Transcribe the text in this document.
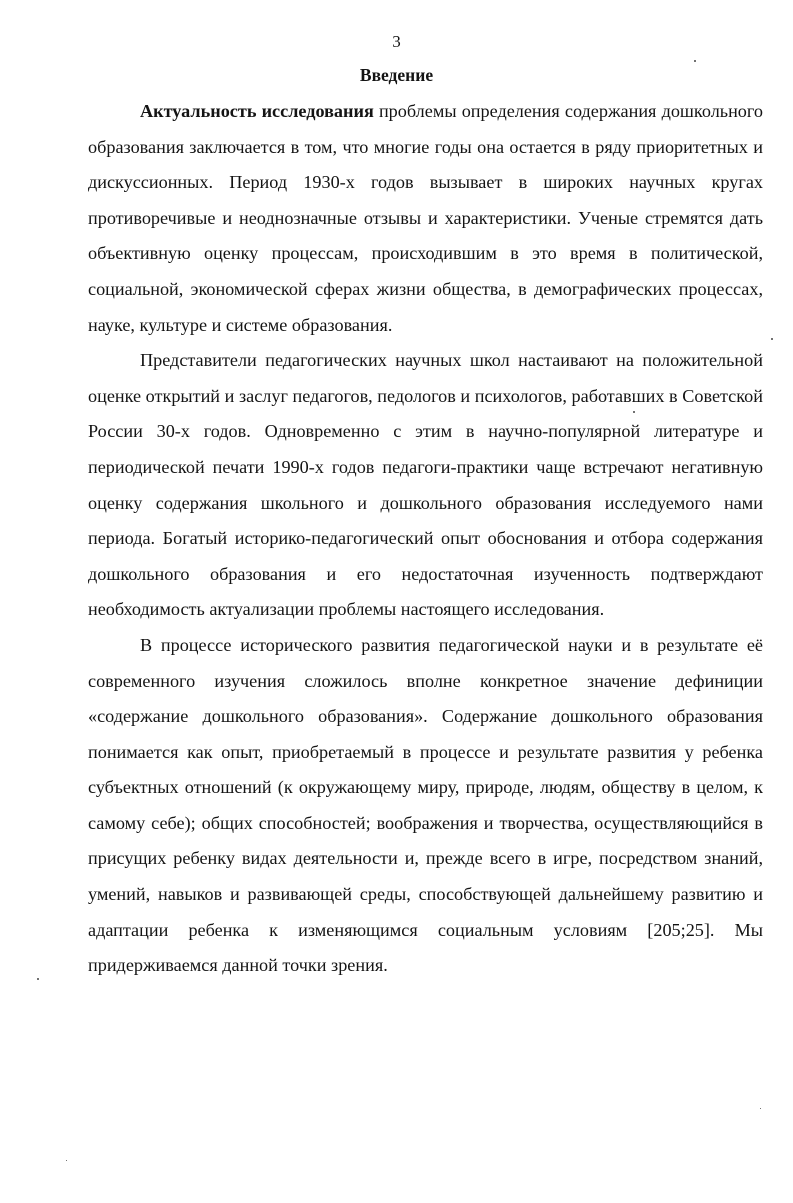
3
Введение

Актуальность исследования проблемы определения содержания дошкольного образования заключается в том, что многие годы она остается в ряду приоритетных и дискуссионных. Период 1930-х годов вызывает в широких научных кругах противоречивые и неоднозначные отзывы и характеристики. Ученые стремятся дать объективную оценку процессам, происходившим в это время в политической, социальной, экономической сферах жизни общества, в демографических процессах, науке, культуре и системе образования.

Представители педагогических научных школ настаивают на положительной оценке открытий и заслуг педагогов, педологов и психологов, работавших в Советской России 30-х годов. Одновременно с этим в научно-популярной литературе и периодической печати 1990-х годов педагоги-практики чаще встречают негативную оценку содержания школьного и дошкольного образования исследуемого нами периода. Богатый историко-педагогический опыт обоснования и отбора содержания дошкольного образования и его недостаточная изученность подтверждают необходимость актуализации проблемы настоящего исследования.

В процессе исторического развития педагогической науки и в результате её современного изучения сложилось вполне конкретное значение дефиниции «содержание дошкольного образования». Содержание дошкольного образования понимается как опыт, приобретаемый в процессе и результате развития у ребенка субъектных отношений (к окружающему миру, природе, людям, обществу в целом, к самому себе); общих способностей; воображения и творчества, осуществляющийся в присущих ребенку видах деятельности и, прежде всего в игре, посредством знаний, умений, навыков и развивающей среды, способствующей дальнейшему развитию и адаптации ребенка к изменяющимся социальным условиям [205;25]. Мы придерживаемся данной точки зрения.
